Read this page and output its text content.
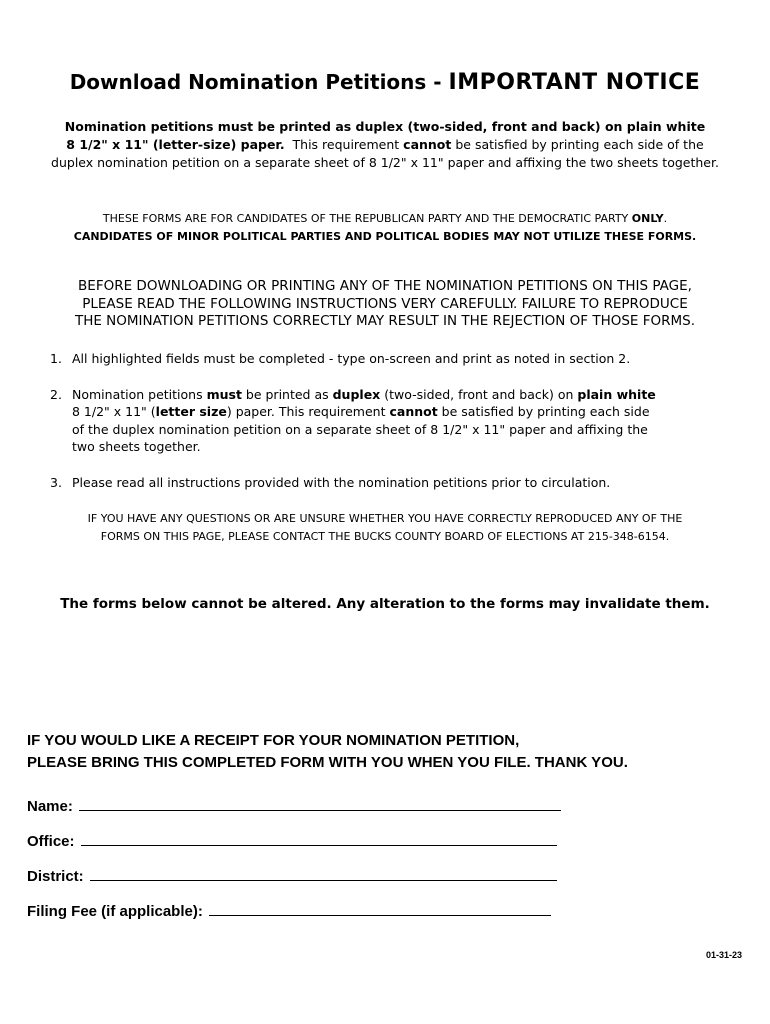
Download Nomination Petitions - IMPORTANT NOTICE
Nomination petitions must be printed as duplex (two-sided, front and back) on plain white
8 1/2" x 11" (letter-size) paper. This requirement cannot be satisfied by printing each side of the
duplex nomination petition on a separate sheet of 8 1/2" x 11" paper and affixing the two sheets together.
THESE FORMS ARE FOR CANDIDATES OF THE REPUBLICAN PARTY AND THE DEMOCRATIC PARTY ONLY.
CANDIDATES OF MINOR POLITICAL PARTIES AND POLITICAL BODIES MAY NOT UTILIZE THESE FORMS.
BEFORE DOWNLOADING OR PRINTING ANY OF THE NOMINATION PETITIONS ON THIS PAGE,
PLEASE READ THE FOLLOWING INSTRUCTIONS VERY CAREFULLY. FAILURE TO REPRODUCE
THE NOMINATION PETITIONS CORRECTLY MAY RESULT IN THE REJECTION OF THOSE FORMS.
1. All highlighted fields must be completed - type on-screen and print as noted in section 2.
2. Nomination petitions must be printed as duplex (two-sided, front and back) on plain white
8 1/2" x 11" (letter size) paper. This requirement cannot be satisfied by printing each side
of the duplex nomination petition on a separate sheet of 8 1/2" x 11" paper and affixing the
two sheets together.
3. Please read all instructions provided with the nomination petitions prior to circulation.
IF YOU HAVE ANY QUESTIONS OR ARE UNSURE WHETHER YOU HAVE CORRECTLY REPRODUCED ANY OF THE
FORMS ON THIS PAGE, PLEASE CONTACT THE BUCKS COUNTY BOARD OF ELECTIONS AT 215-348-6154.
The forms below cannot be altered. Any alteration to the forms may invalidate them.
IF YOU WOULD LIKE A RECEIPT FOR YOUR NOMINATION PETITION,
PLEASE BRING THIS COMPLETED FORM WITH YOU WHEN YOU FILE. THANK YOU.
Name:
Office:
District:
Filing Fee (if applicable):
01-31-23
